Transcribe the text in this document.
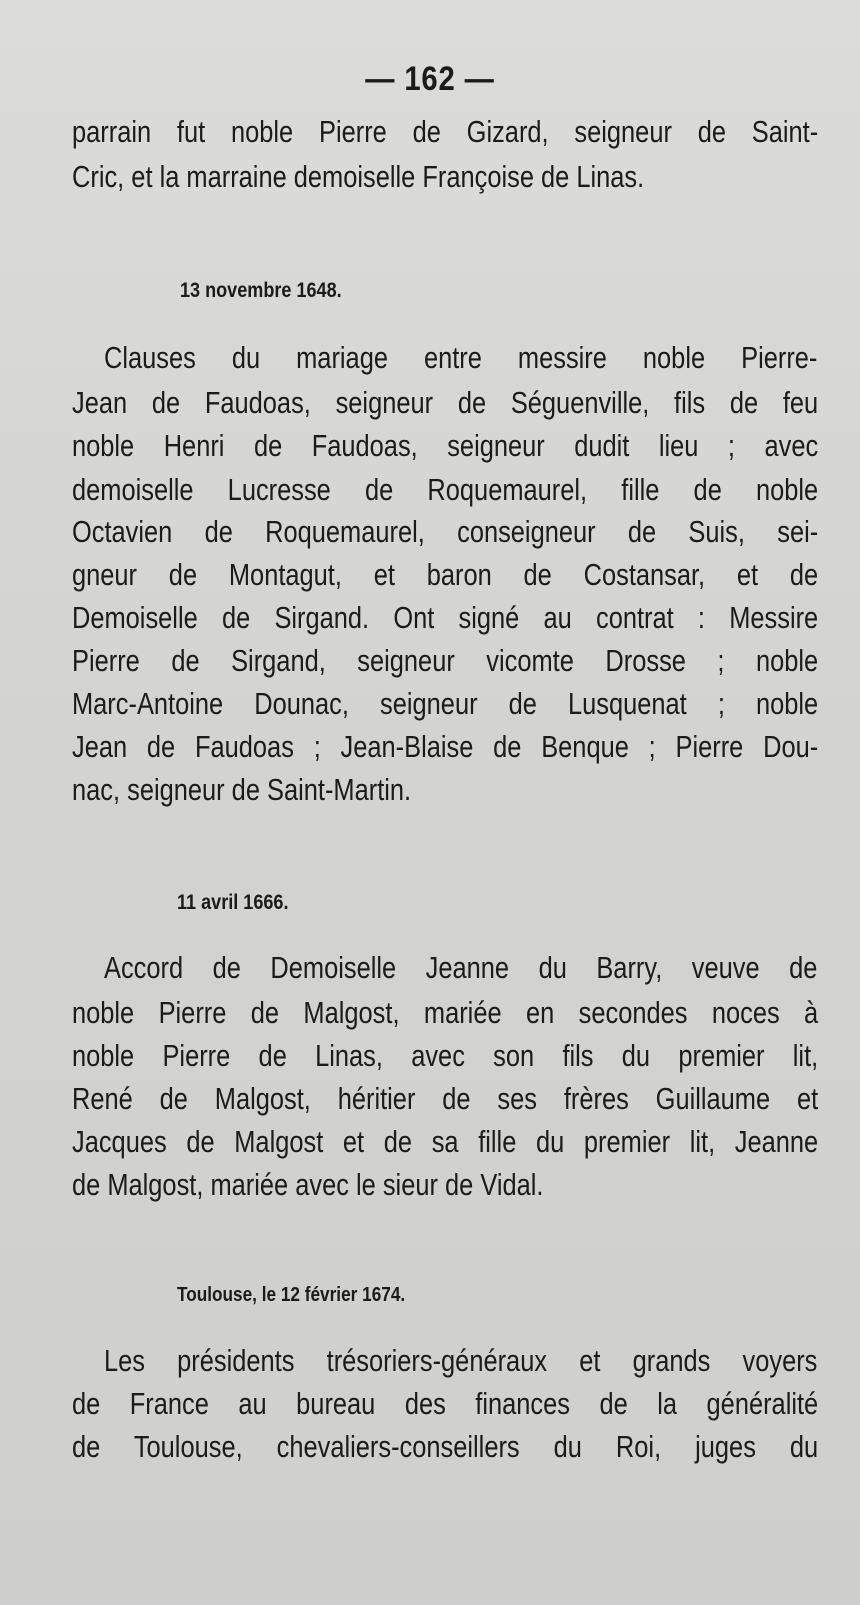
— 162 —
parrain fut noble Pierre de Gizard, seigneur de Saint-
Cric, et la marraine demoiselle Françoise de Linas.
13 novembre 1648.
Clauses du mariage entre messire noble Pierre-
Jean de Faudoas, seigneur de Séguenville, fils de feu
noble Henri de Faudoas, seigneur dudit lieu ; avec
demoiselle Lucresse de Roquemaurel, fille de noble
Octavien de Roquemaurel, conseigneur de Suis, sei-
gneur de Montagut, et baron de Costansar, et de
Demoiselle de Sirgand. Ont signé au contrat : Messire
Pierre de Sirgand, seigneur vicomte Drosse ; noble
Marc-Antoine Dounac, seigneur de Lusquenat ; noble
Jean de Faudoas ; Jean-Blaise de Benque ; Pierre Dou-
nac, seigneur de Saint-Martin.
11 avril 1666.
Accord de Demoiselle Jeanne du Barry, veuve de
noble Pierre de Malgost, mariée en secondes noces à
noble Pierre de Linas, avec son fils du premier lit,
René de Malgost, héritier de ses frères Guillaume et
Jacques de Malgost et de sa fille du premier lit, Jeanne
de Malgost, mariée avec le sieur de Vidal.
Toulouse, le 12 février 1674.
Les présidents trésoriers-généraux et grands voyers
de France au bureau des finances de la généralité
de Toulouse, chevaliers-conseillers du Roi, juges du
